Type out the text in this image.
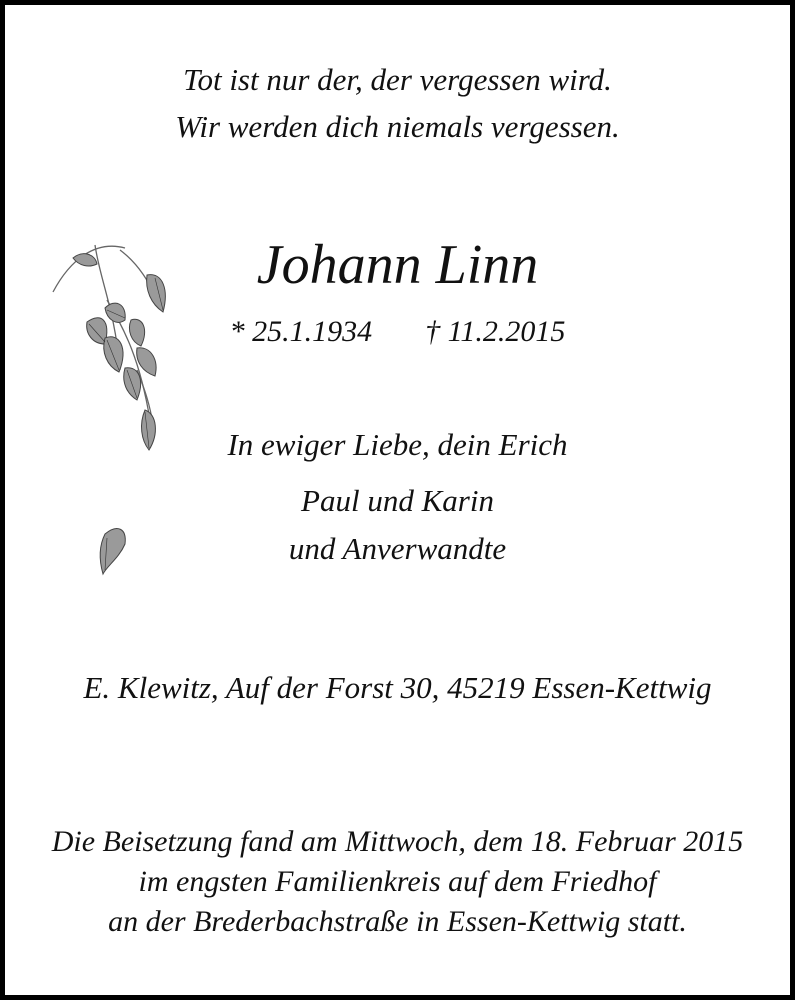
Tot ist nur der, der vergessen wird.
Wir werden dich niemals vergessen.
Johann Linn
* 25.1.1934 † 11.2.2015
In ewiger Liebe, dein Erich
Paul und Karin
und Anverwandte
E. Klewitz, Auf der Forst 30, 45219 Essen-Kettwig
Die Beisetzung fand am Mittwoch, dem 18. Februar 2015
im engsten Familienkreis auf dem Friedhof
an der Brederbachstraße in Essen-Kettwig statt.
